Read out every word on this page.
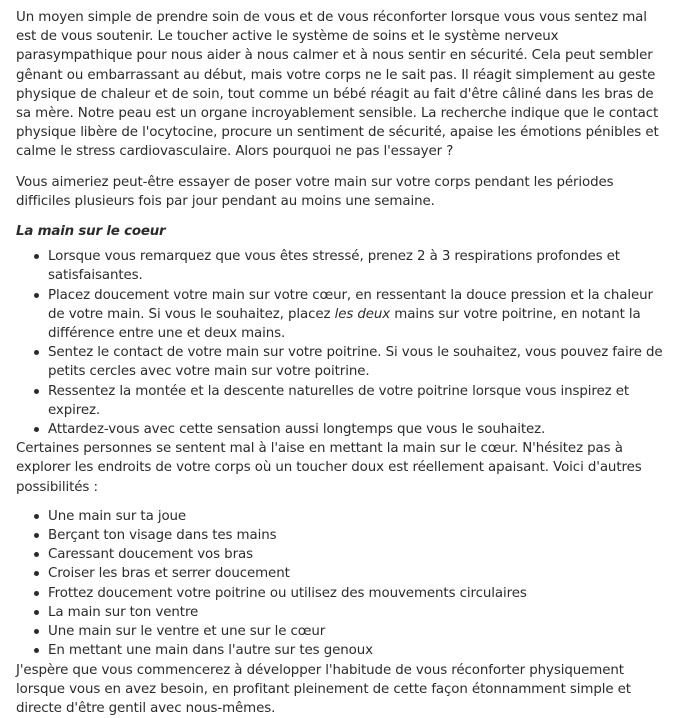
Un moyen simple de prendre soin de vous et de vous réconforter lorsque vous vous sentez mal est de vous soutenir. Le toucher active le système de soins et le système nerveux parasympathique pour nous aider à nous calmer et à nous sentir en sécurité. Cela peut sembler gênant ou embarrassant au début, mais votre corps ne le sait pas. Il réagit simplement au geste physique de chaleur et de soin, tout comme un bébé réagit au fait d'être câliné dans les bras de sa mère. Notre peau est un organe incroyablement sensible. La recherche indique que le contact physique libère de l'ocytocine, procure un sentiment de sécurité, apaise les émotions pénibles et calme le stress cardiovasculaire. Alors pourquoi ne pas l'essayer ?

Vous aimeriez peut-être essayer de poser votre main sur votre corps pendant les périodes difficiles plusieurs fois par jour pendant au moins une semaine.

La main sur le coeur

Lorsque vous remarquez que vous êtes stressé, prenez 2 à 3 respirations profondes et satisfaisantes.
Placez doucement votre main sur votre cœur, en ressentant la douce pression et la chaleur de votre main. Si vous le souhaitez, placez les deux mains sur votre poitrine, en notant la différence entre une et deux mains.
Sentez le contact de votre main sur votre poitrine. Si vous le souhaitez, vous pouvez faire de petits cercles avec votre main sur votre poitrine.
Ressentez la montée et la descente naturelles de votre poitrine lorsque vous inspirez et expirez.
Attardez-vous avec cette sensation aussi longtemps que vous le souhaitez.

Certaines personnes se sentent mal à l'aise en mettant la main sur le cœur. N'hésitez pas à explorer les endroits de votre corps où un toucher doux est réellement apaisant. Voici d'autres possibilités :

Une main sur ta joue
Berçant ton visage dans tes mains
Caressant doucement vos bras
Croiser les bras et serrer doucement
Frottez doucement votre poitrine ou utilisez des mouvements circulaires
La main sur ton ventre
Une main sur le ventre et une sur le cœur
En mettant une main dans l'autre sur tes genoux

J'espère que vous commencerez à développer l'habitude de vous réconforter physiquement lorsque vous en avez besoin, en profitant pleinement de cette façon étonnamment simple et directe d'être gentil avec nous-mêmes.
